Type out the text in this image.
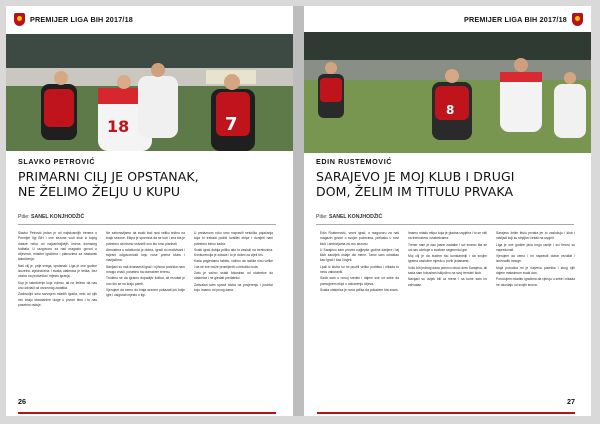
PREMIJER LIGA BIH 2017/18
18	7
SLAVKO PETROVIĆ
PRIMARNI CILJ JE OPSTANAK,
NE ŽELIMO ŽELJU U KUPU
Piše: SANEL KONJHODŽIĆ

Slavko Petrović jedan je od najiskusnijih trenera u Premijer ligi BiH i ove sezone vodi klub iz kojeg dolaze neka od najzanimljivijih imena domaćeg fudbala. U razgovoru za naš magazin govori o ciljevima, mladim igračima i planovima za nastavak takmičenja.

Naš cilj je, prije svega, opstanak. Liga je ove godine izuzetno izjednačena i svaka utakmica je teška, bez obzira na protivnika i mjesto igranja.

Kup je takmičenje koje volimo, ali ne želimo da nas ono odvlači od osnovnog zadatka.

Zadovoljni smo razvojem mladih igrača, neki od njih već imaju standardne uloge u prvom timu i to nas posebno raduje.

Ne zaboravljamo da svaki bod nosi veliku težinu na kraju sezone. Ekipa je spremna da se bori i zna šta je potrebno da bismo ostvarili ono što smo planirali.

Atmosfera u svlačionici je dobra, igrači su motivisani i svjesni odgovornosti koju nose prema klubu i navijačima.

Navijači su naš dvanaesti igrač i njihova podrška nam mnogo znači, posebno na domaćem terenu.

Trudimo se da igramo dopadljiv fudbal, ali rezultat je ono što se na kraju pamti.

Vjerujem da ćemo do kraja sezone pokazati još bolje igre i osigurati mjesto u ligi.

U prelaznom roku smo napravili nekoliko pojačanja koja bi trebala podići kvalitet ekipe i donijeti nam potrebnu širinu kadra.

Svaki igrač dobija priliku ako to zasluži na treninzima. Konkurencija je zdrava i to je dobro za cijeli tim.

Kada pogledamo tabelu, vidimo da razlike nisu velike i da se sve može promijeniti u nekoliko kola.

Zato je važno ostati fokusiran od utakmice do utakmice i ne gledati predaleko.

Zahvalan sam upravi kluba na povjerenju i podršci koju imamo od prvog dana.

26
PREMIJER LIGA BIH 2017/18
8
EDIN RUSTEMOVIĆ
SARAJEVO JE MOJ KLUB I DRUGI
DOM, ŽELIM IM TITULU PRVAKA
Piše: SANEL KONJHODŽIĆ

Edin Rustemović, vezni igrač, u razgovoru za naš magazin govori o svojim počecima, prelasku u novi klub i ambicijama za ovu sezonu.

U Sarajevu sam proveo najljepše godine karijere i taj klub zauvijek ostaje dio mene. Tamo sam odrastao kao igrač i kao čovjek.

Ljudi iz kluba su mi pružili veliku podršku i nikada to neću zaboraviti.

Sada sam u novoj sredini i dajem sve od sebe da pomognem ekipi u ostvarenju ciljeva.

Svaka utakmica je nova prilika da pokažem šta znam.

Imamo mladu ekipu koja je gladna uspjeha i to se vidi na treninzima i utakmicama.

Trener nam je dao jasne zadatke i svi znamo šta se od nas očekuje u svakom segmentu igre.

Moj cilj je da budem što konstantniji i da svojim igrama zaslužim mjesto u prvih jedanaest.

Volio bih jednog dana ponovo obući dres Sarajeva, ali sada sam fokusiran isključivo na svoj trenutni klub.

Navijači su uvijek bili uz mene i na tome sam im zahvalan.

Sarajevu želim titulu prvaka jer to zaslužuju i klub i navijači koji su strpljivo čekali na uspjeh.

Liga je ove godine jača nego ranije i svi timovi su napredovali.

Vjerujem da ćemo i mi napraviti dobar rezultat i iznenaditi mnoge.

Moja porodica mi je najveća podrška i zbog njih dajem maksimum svaki dan.

Poručujem mladim igračima da vjeruju u sebe i nikada ne odustaju od svojih snova.

27
